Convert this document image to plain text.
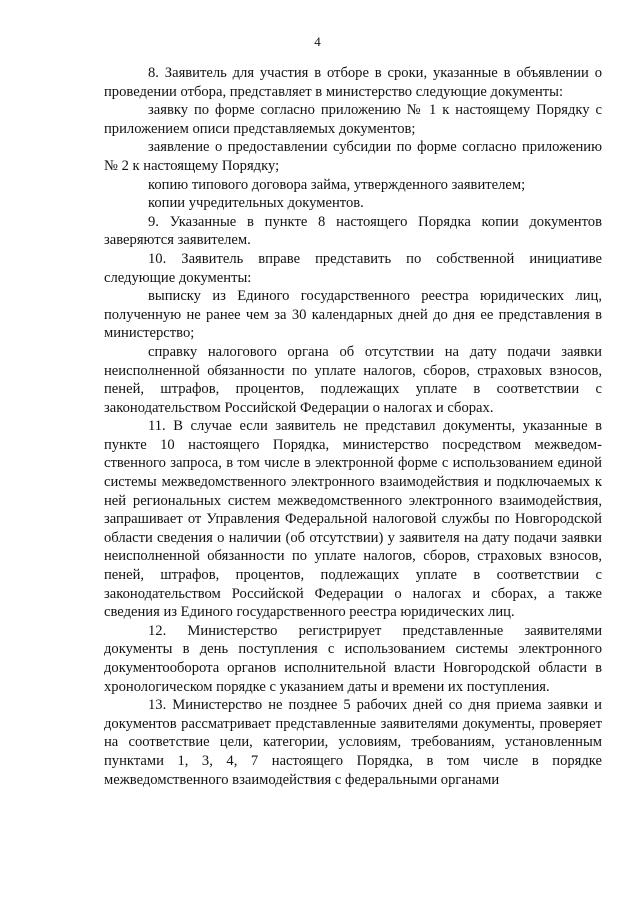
4

8. Заявитель для участия в отборе в сроки, указанные в объявлении о проведении отбора, представляет в министерство следующие документы:

заявку по форме согласно приложению № 1 к настоящему Порядку с приложением описи представляемых документов;

заявление о предоставлении субсидии по форме согласно приложению № 2 к настоящему Порядку;

копию типового договора займа, утвержденного заявителем;

копии учредительных документов.

9. Указанные в пункте 8 настоящего Порядка копии документов заверяются заявителем.

10. Заявитель вправе представить по собственной инициативе следующие документы:

выписку из Единого государственного реестра юридических лиц, полученную не ранее чем за 30 календарных дней до дня ее представления в министерство;

справку налогового органа об отсутствии на дату подачи заявки неисполненной обязанности по уплате налогов, сборов, страховых взносов, пеней, штрафов, процентов, подлежащих уплате в соответствии с законодательством Российской Федерации о налогах и сборах.

11. В случае если заявитель не представил документы, указанные в пункте 10 настоящего Порядка, министерство посредством межведом-ственного запроса, в том числе в электронной форме с использованием единой системы межведомственного электронного взаимодействия и подключаемых к ней региональных систем межведомственного электронного взаимодействия, запрашивает от Управления Федеральной налоговой службы по Новгородской области сведения о наличии (об отсутствии) у заявителя на дату подачи заявки неисполненной обязанности по уплате налогов, сборов, страховых взносов, пеней, штрафов, процентов, подлежащих уплате в соответствии с законодательством Российской Федерации о налогах и сборах, а также сведения из Единого государственного реестра юридических лиц.

12. Министерство регистрирует представленные заявителями документы в день поступления с использованием системы электронного документооборота органов исполнительной власти Новгородской области в хронологическом порядке с указанием даты и времени их поступления.

13. Министерство не позднее 5 рабочих дней со дня приема заявки и документов рассматривает представленные заявителями документы, проверяет на соответствие цели, категории, условиям, требованиям, установленным пунктами 1, 3, 4, 7 настоящего Порядка, в том числе в порядке межведомственного взаимодействия с федеральными органами
